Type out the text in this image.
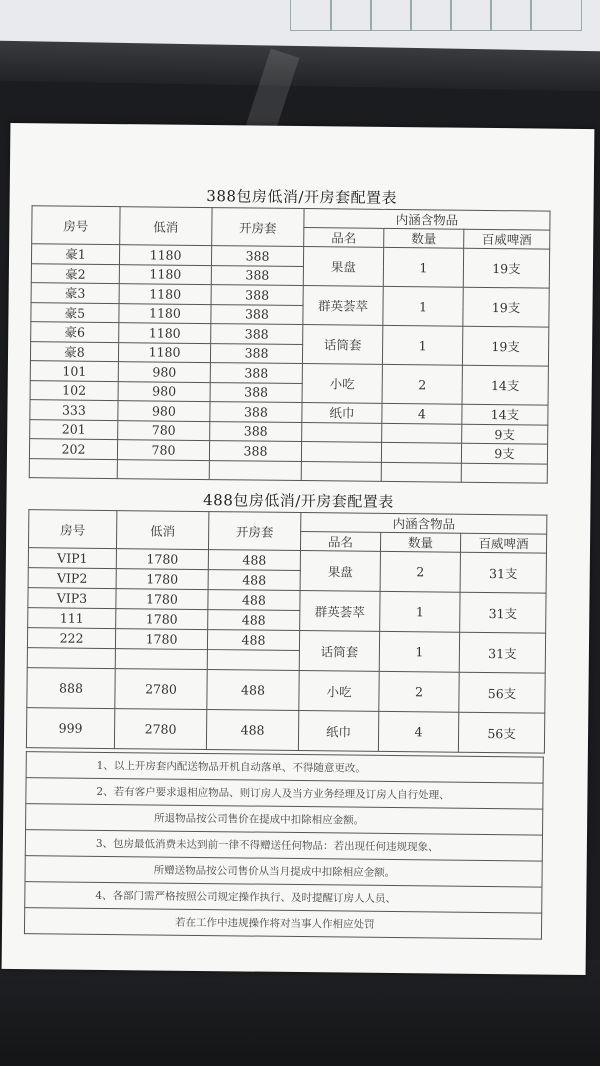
388包房低消/开房套配置表
房号	低消	开房套	内涵含物品		
			品名	数量	百威啤酒
豪1	1180	388	果盘	1	19支
豪2	1180	388			
豪3	1180	388	群英荟萃	1	19支
豪5	1180	388			
豪6	1180	388	话筒套	1	19支
豪8	1180	388			
101	980	388	小吃	2	14支
102	980	388			
333	980	388	纸巾	4	14支
201	780	388			9支
202	780	388			9支

488包房低消/开房套配置表
房号	低消	开房套	内涵含物品		
			品名	数量	百威啤酒
VIP1	1780	488	果盘	2	31支
VIP2	1780	488			
VIP3	1780	488	群英荟萃	1	31支
111	1780	488			
222	1780	488	话筒套	1	31支

888	2780	488	小吃	2	56支
999	2780	488	纸巾	4	56支
1、以上开房套内配送物品开机自动落单、不得随意更改。
2、若有客户要求退相应物品、则订房人及当方业务经理及订房人自行处理、
所退物品按公司售价在提成中扣除相应金额。
3、包房最低消费未达到前一律不得赠送任何物品：若出现任何违规现象、
所赠送物品按公司售价从当月提成中扣除相应金额。
4、各部门需严格按照公司规定操作执行、及时提醒订房人人员、
若在工作中违规操作将对当事人作相应处罚
